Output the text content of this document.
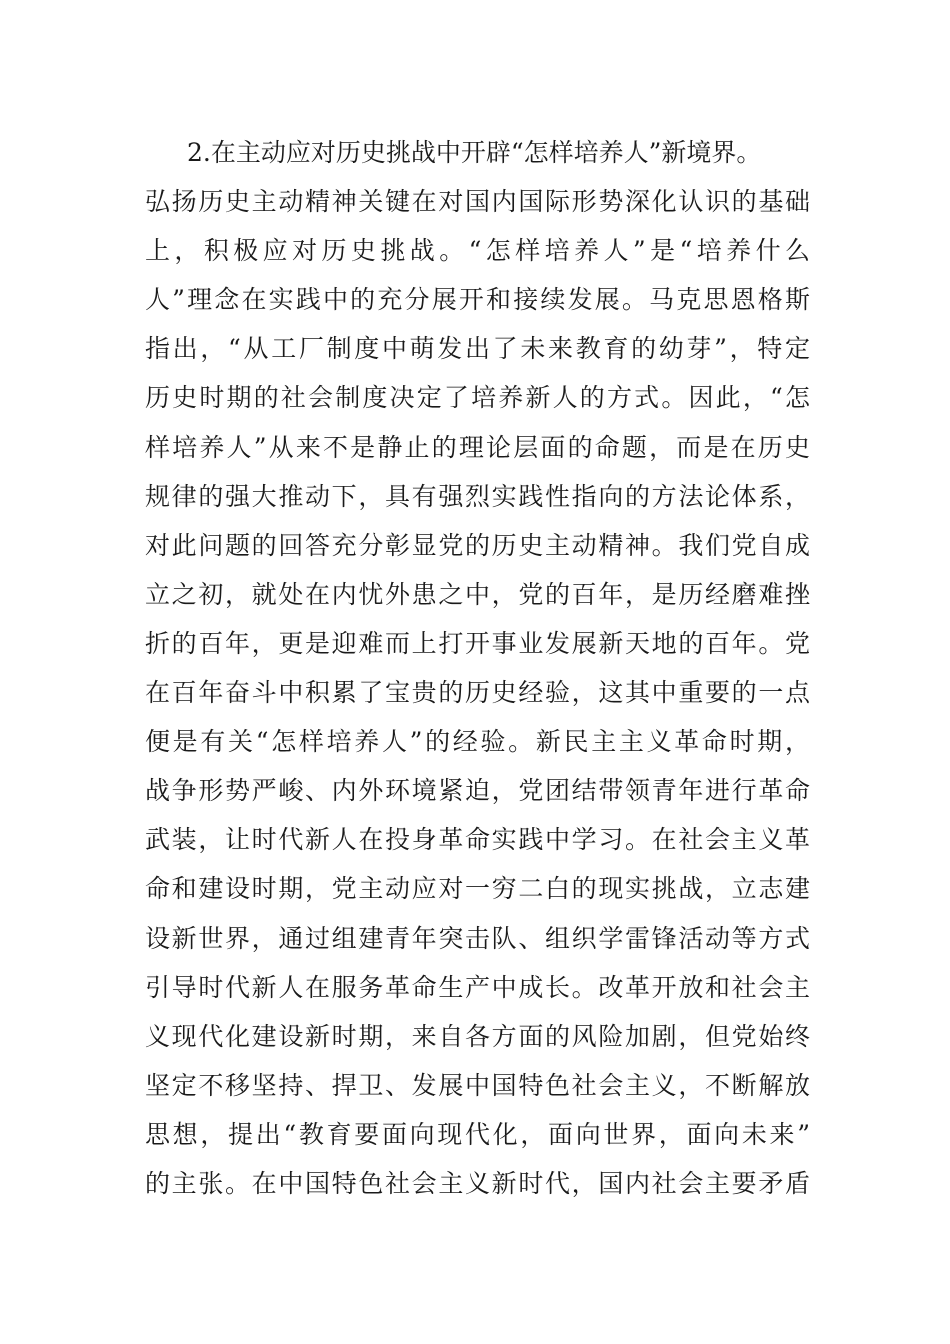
2.在主动应对历史挑战中开辟“怎样培养人”新境界。
弘扬历史主动精神关键在对国内国际形势深化认识的基础
上，积极应对历史挑战。“怎样培养人”是“培养什么
人”理念在实践中的充分展开和接续发展。马克思恩格斯
指出，“从工厂制度中萌发出了未来教育的幼芽”，特定
历史时期的社会制度决定了培养新人的方式。因此，“怎
样培养人”从来不是静止的理论层面的命题，而是在历史
规律的强大推动下，具有强烈实践性指向的方法论体系，
对此问题的回答充分彰显党的历史主动精神。我们党自成
立之初，就处在内忧外患之中，党的百年，是历经磨难挫
折的百年，更是迎难而上打开事业发展新天地的百年。党
在百年奋斗中积累了宝贵的历史经验，这其中重要的一点
便是有关“怎样培养人”的经验。新民主主义革命时期，
战争形势严峻、内外环境紧迫，党团结带领青年进行革命
武装，让时代新人在投身革命实践中学习。在社会主义革
命和建设时期，党主动应对一穷二白的现实挑战，立志建
设新世界，通过组建青年突击队、组织学雷锋活动等方式
引导时代新人在服务革命生产中成长。改革开放和社会主
义现代化建设新时期，来自各方面的风险加剧，但党始终
坚定不移坚持、捍卫、发展中国特色社会主义，不断解放
思想，提出“教育要面向现代化，面向世界，面向未来”
的主张。在中国特色社会主义新时代，国内社会主要矛盾
